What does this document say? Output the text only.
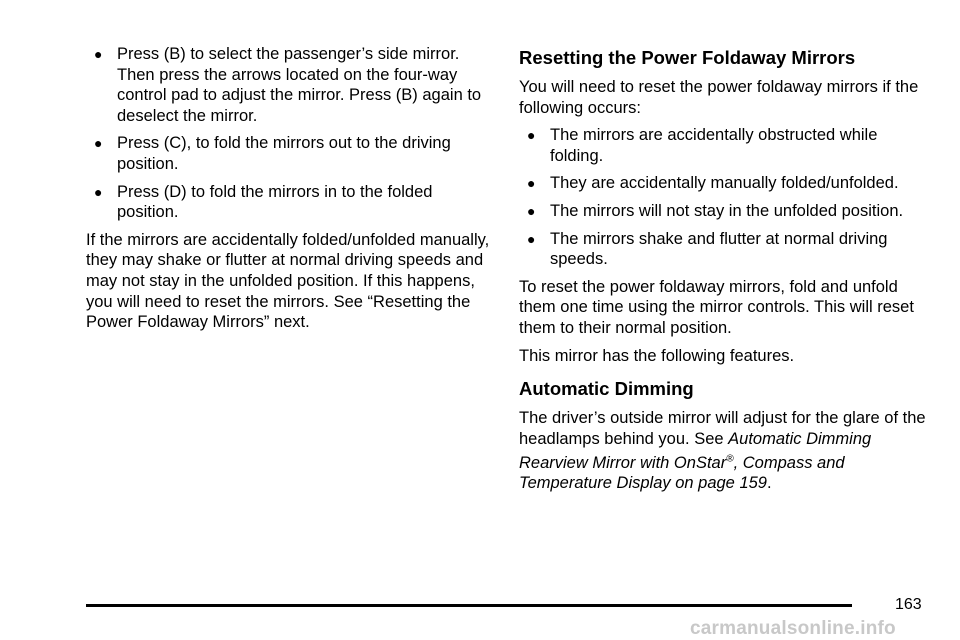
● Press (B) to select the passenger’s side mirror. Then press the arrows located on the four-way control pad to adjust the mirror. Press (B) again to deselect the mirror.
● Press (C), to fold the mirrors out to the driving position.
● Press (D) to fold the mirrors in to the folded position.

If the mirrors are accidentally folded/unfolded manually, they may shake or flutter at normal driving speeds and may not stay in the unfolded position. If this happens, you will need to reset the mirrors. See “Resetting the Power Foldaway Mirrors” next.

Resetting the Power Foldaway Mirrors

You will need to reset the power foldaway mirrors if the following occurs:

● The mirrors are accidentally obstructed while folding.
● They are accidentally manually folded/unfolded.
● The mirrors will not stay in the unfolded position.
● The mirrors shake and flutter at normal driving speeds.

To reset the power foldaway mirrors, fold and unfold them one time using the mirror controls. This will reset them to their normal position.

This mirror has the following features.

Automatic Dimming

The driver’s outside mirror will adjust for the glare of the headlamps behind you. See Automatic Dimming Rearview Mirror with OnStar®, Compass and Temperature Display on page 159.

163
carmanualsonline.info
